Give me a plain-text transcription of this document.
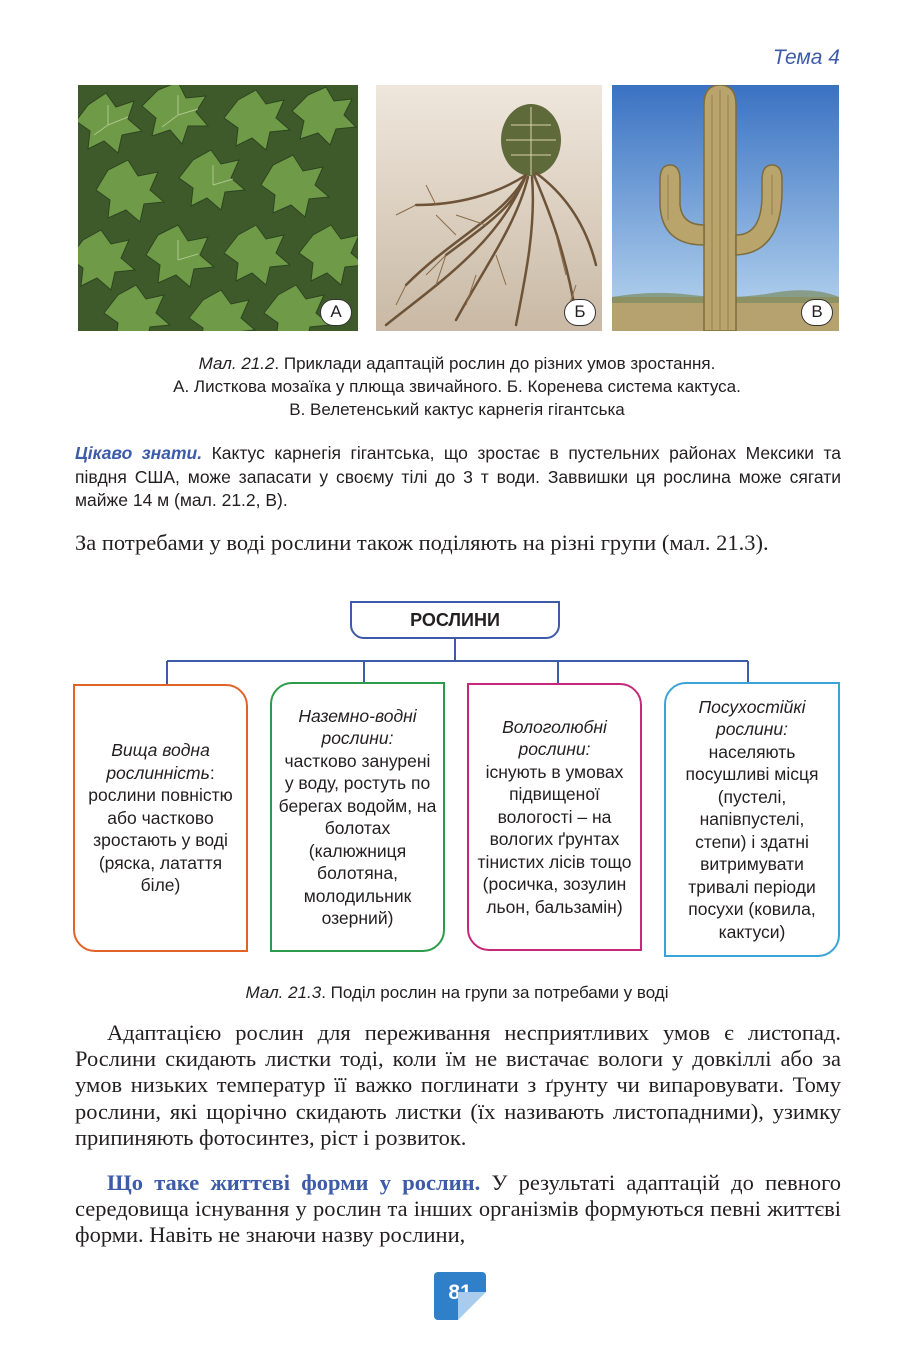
Тема 4
А	Б	В
Мал. 21.2. Приклади адаптацій рослин до різних умов зростання.
А. Листкова мозаїка у плюща звичайного. Б. Коренева система кактуса.
В. Велетенський кактус карнегія гігантська
Цікаво знати. Кактус карнегія гігантська, що зростає в пустельних районах Мексики та півдня США, може запасати у своєму тілі до 3 т води. Заввишки ця рослина може сягати майже 14 м (мал. 21.2, В).
За потребами у воді рослини також поділяють на різні групи (мал. 21.3).
РОСЛИНИ
Вища водна рослинність:
рослини повністю або частково зростають у воді (ряска, латаття біле)
Наземно-водні рослини:
частково занурені у воду, ростуть по берегах водойм, на болотах (калюжниця болотяна, молодильник озерний)
Вологолюбні рослини:
існують в умовах підвищеної вологості – на вологих ґрунтах тінистих лісів тощо (росичка, зозулин льон, бальзамін)
Посухостійкі рослини:
населяють посушливі місця (пустелі, напівпустелі, степи) і здатні витримувати тривалі періоди посухи (ковила, кактуси)
Мал. 21.3. Поділ рослин на групи за потребами у воді
Адаптацією рослин для переживання несприятливих умов є листопад. Рослини скидають листки тоді, коли їм не вистачає вологи у довкіллі або за умов низьких температур її важко поглинати з ґрунту чи випаровувати. Тому рослини, які щорічно скидають листки (їх називають листопадними), узимку припиняють фотосинтез, ріст і розвиток.
Що таке життєві форми у рослин. У результаті адаптацій до певного середовища існування у рослин та інших організмів формуються певні життєві форми. Навіть не знаючи назву рослини,
81
